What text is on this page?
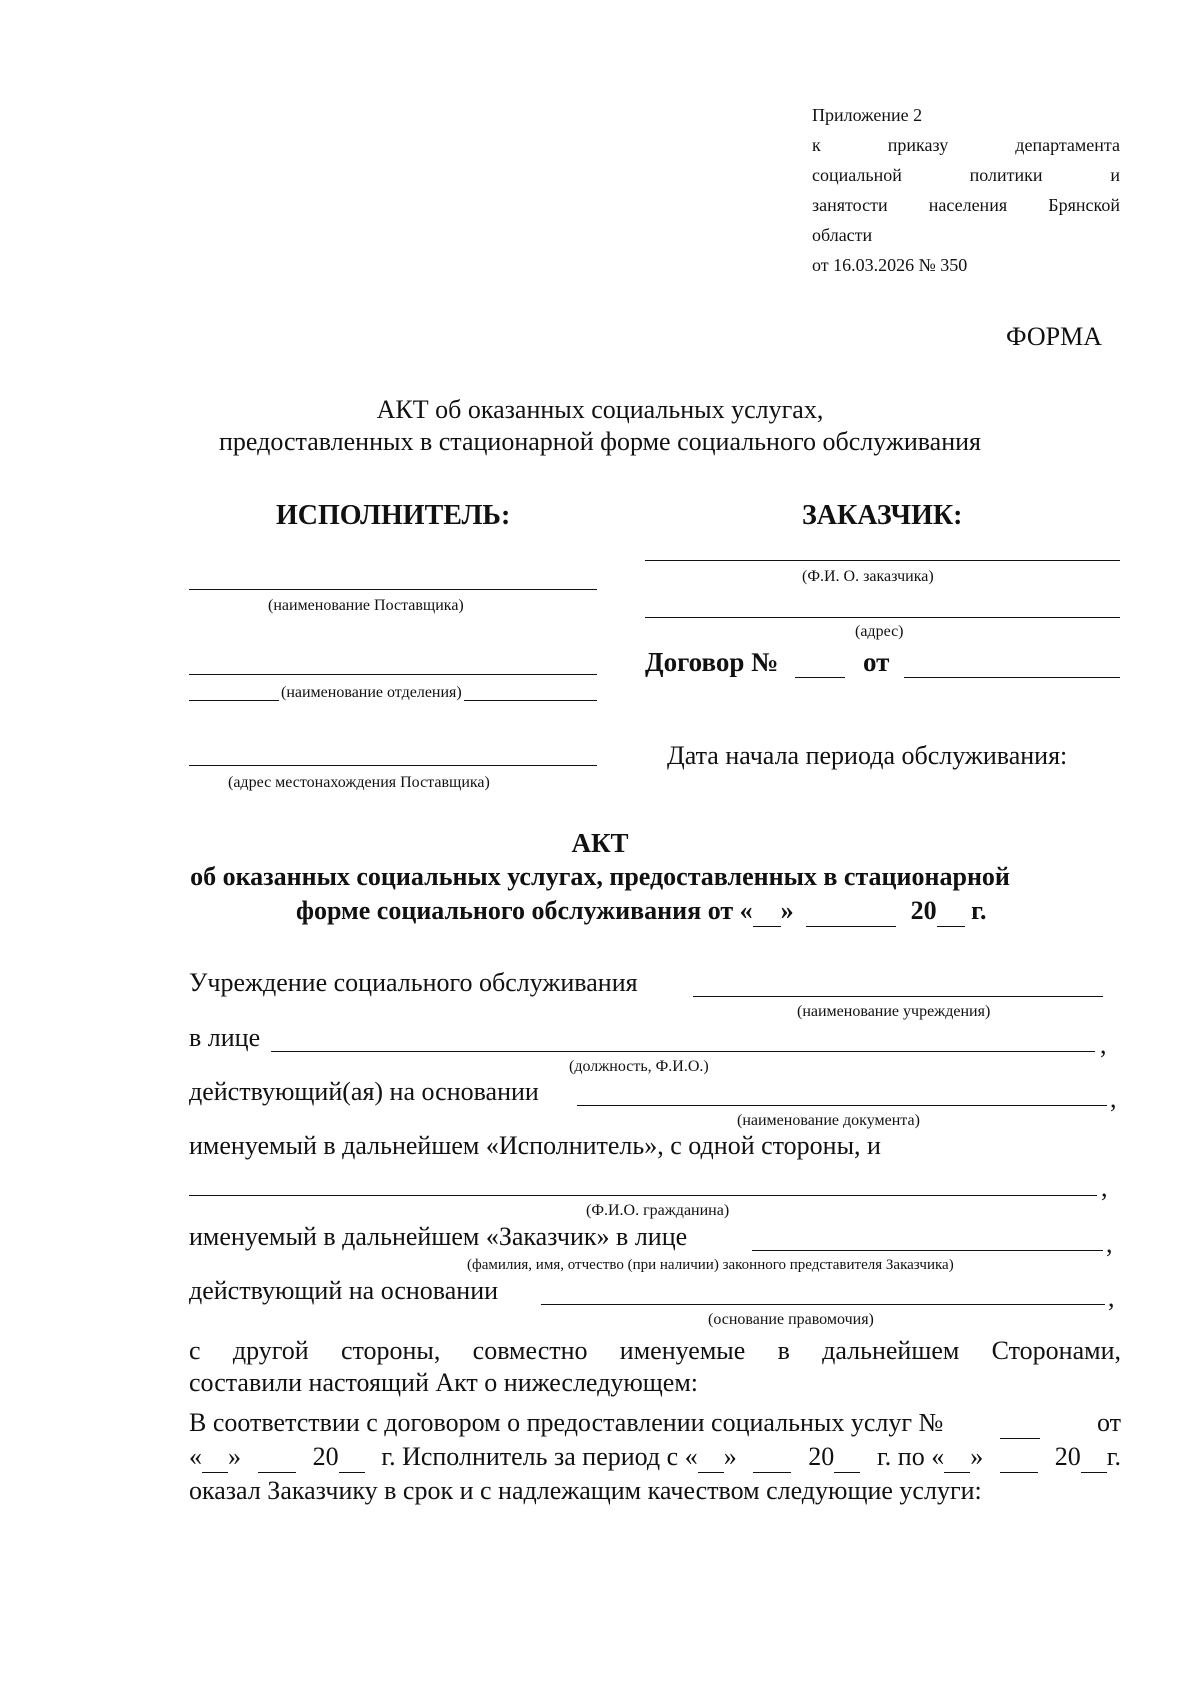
Приложение 2
к приказу департамента
социальной политики и
занятости населения Брянской
области
от 16.03.2026 № 350
ФОРМА
АКТ об оказанных социальных услугах,
предоставленных в стационарной форме социального обслуживания
ИСПОЛНИТЕЛЬ:
(наименование Поставщика)
(наименование отделения)
(адрес местонахождения Поставщика)
ЗАКАЗЧИК:
(Ф.И. О. заказчика)
(адрес)
Договор №	от
Дата начала периода обслуживания:
АКТ
об оказанных социальных услугах, предоставленных в стационарной
форме социального обслуживания от « »	20 г.
Учреждение социального обслуживания
(наименование учреждения)
в лице	,
(должность, Ф.И.О.)
действующий(ая) на основании	,
(наименование документа)
именуемый в дальнейшем «Исполнитель», с одной стороны, и
,
(Ф.И.О. гражданина)
именуемый в дальнейшем «Заказчик» в лице	,
(фамилия, имя, отчество (при наличии) законного представителя Заказчика)
действующий на основании	,
(основание правомочия)
с другой стороны, совместно именуемые в дальнейшем Сторонами,
составили настоящий Акт о нижеследующем:
В соответствии с договором о предоставлении социальных услуг №
	от
« »
	20	г. Исполнитель за период с « »
	20	г. по « »
	20 г.
оказал Заказчику в срок и с надлежащим качеством следующие услуги:
